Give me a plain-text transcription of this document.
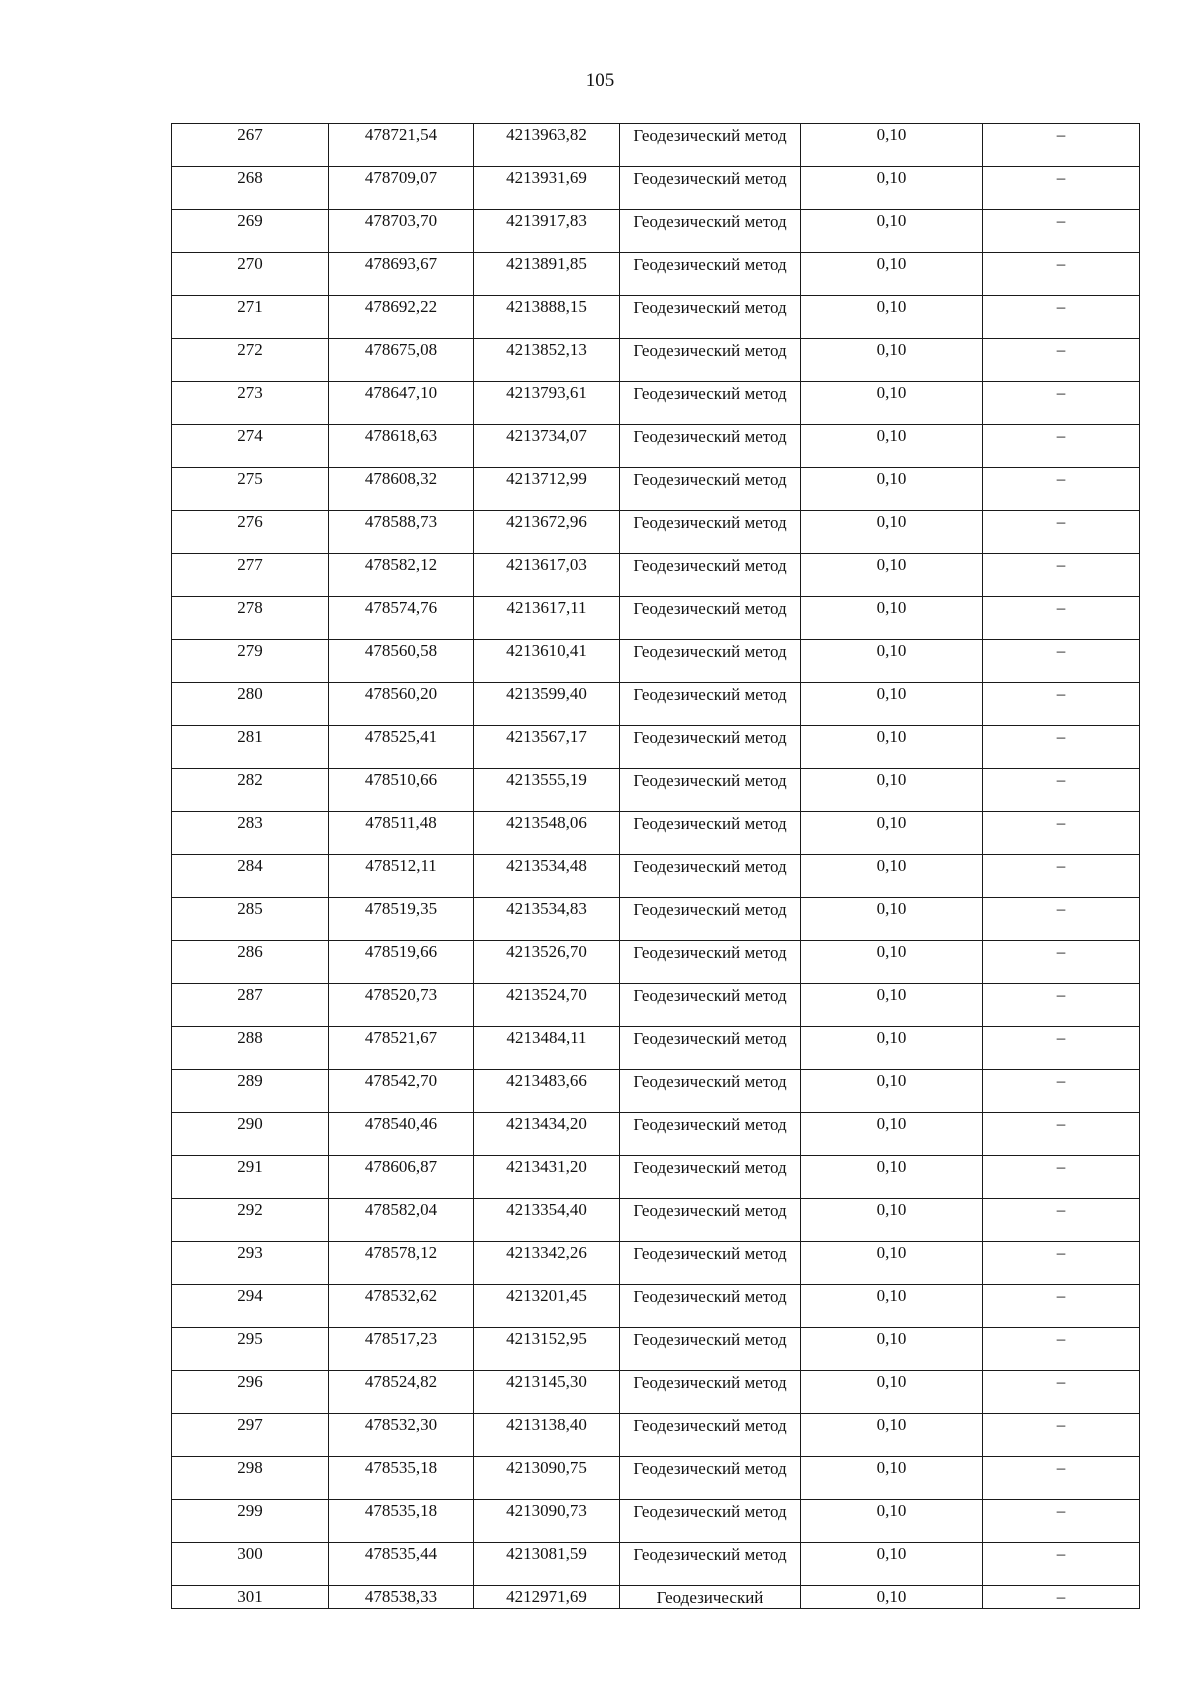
105
267	478721,54	4213963,82	Геодезический метод	0,10	–

268	478709,07	4213931,69	Геодезический метод	0,10	–

269	478703,70	4213917,83	Геодезический метод	0,10	–

270	478693,67	4213891,85	Геодезический метод	0,10	–

271	478692,22	4213888,15	Геодезический метод	0,10	–

272	478675,08	4213852,13	Геодезический метод	0,10	–

273	478647,10	4213793,61	Геодезический метод	0,10	–

274	478618,63	4213734,07	Геодезический метод	0,10	–

275	478608,32	4213712,99	Геодезический метод	0,10	–

276	478588,73	4213672,96	Геодезический метод	0,10	–

277	478582,12	4213617,03	Геодезический метод	0,10	–

278	478574,76	4213617,11	Геодезический метод	0,10	–

279	478560,58	4213610,41	Геодезический метод	0,10	–

280	478560,20	4213599,40	Геодезический метод	0,10	–

281	478525,41	4213567,17	Геодезический метод	0,10	–

282	478510,66	4213555,19	Геодезический метод	0,10	–

283	478511,48	4213548,06	Геодезический метод	0,10	–

284	478512,11	4213534,48	Геодезический метод	0,10	–

285	478519,35	4213534,83	Геодезический метод	0,10	–

286	478519,66	4213526,70	Геодезический метод	0,10	–

287	478520,73	4213524,70	Геодезический метод	0,10	–

288	478521,67	4213484,11	Геодезический метод	0,10	–

289	478542,70	4213483,66	Геодезический метод	0,10	–

290	478540,46	4213434,20	Геодезический метод	0,10	–

291	478606,87	4213431,20	Геодезический метод	0,10	–

292	478582,04	4213354,40	Геодезический метод	0,10	–

293	478578,12	4213342,26	Геодезический метод	0,10	–

294	478532,62	4213201,45	Геодезический метод	0,10	–

295	478517,23	4213152,95	Геодезический метод	0,10	–

296	478524,82	4213145,30	Геодезический метод	0,10	–

297	478532,30	4213138,40	Геодезический метод	0,10	–

298	478535,18	4213090,75	Геодезический метод	0,10	–

299	478535,18	4213090,73	Геодезический метод	0,10	–

300	478535,44	4213081,59	Геодезический метод	0,10	–

301	478538,33	4212971,69	Геодезический	0,10	–
